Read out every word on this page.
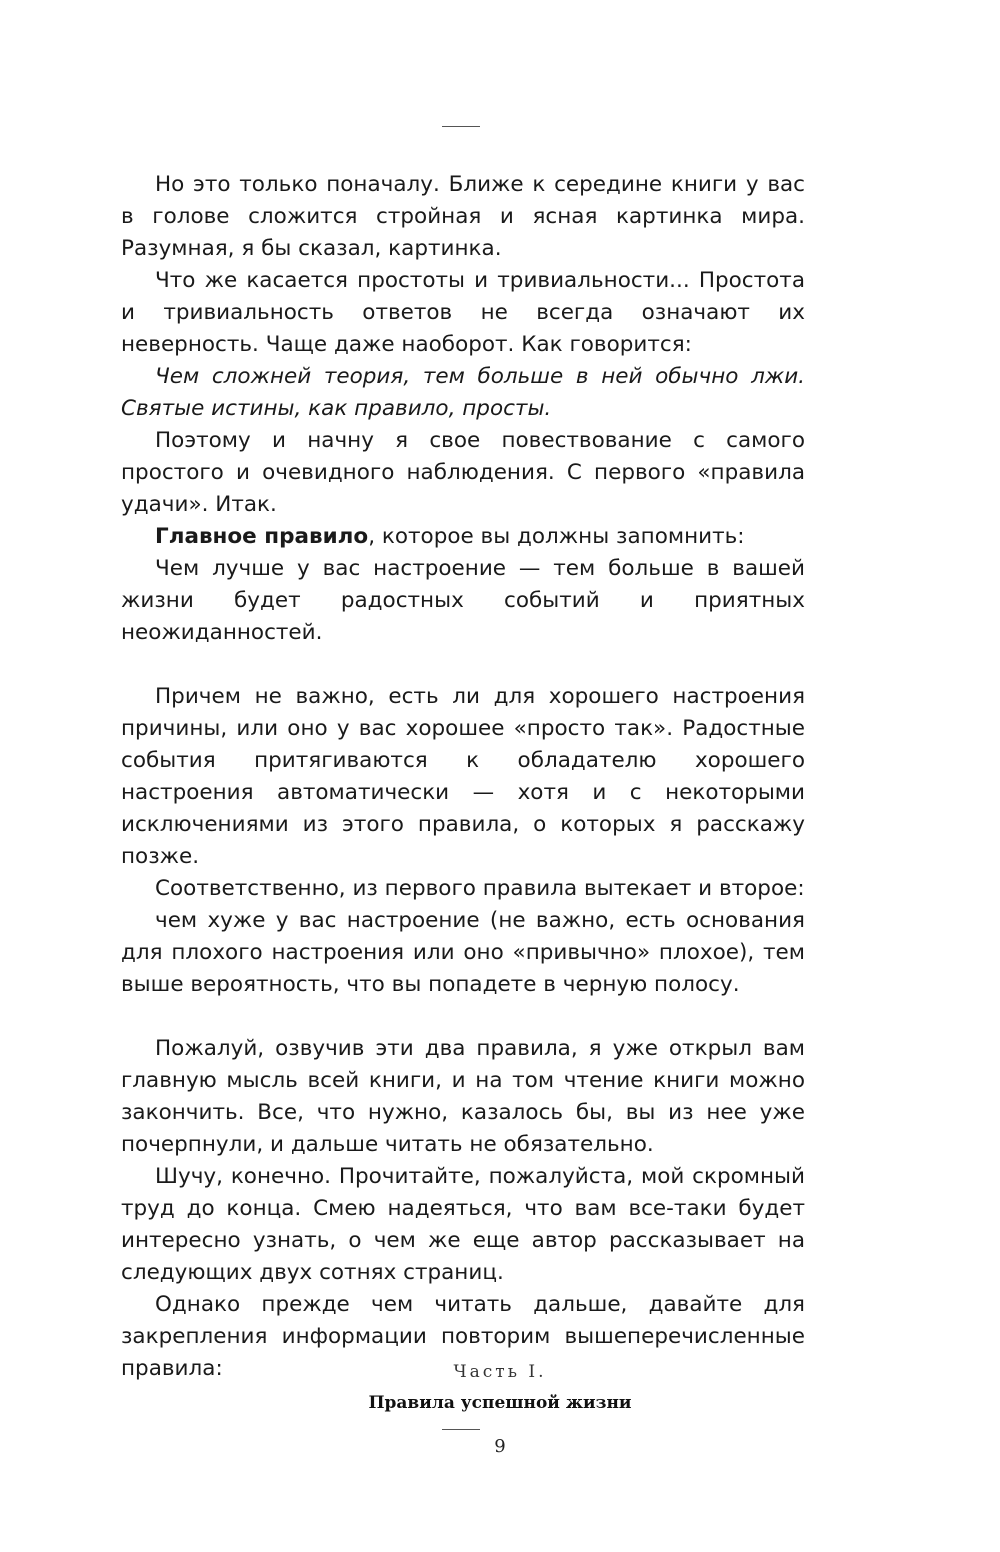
Но это только поначалу. Ближе к середине книги у вас в голове сложится стройная и ясная картинка мира. Разумная, я бы сказал, картинка.

Что же касается простоты и тривиальности... Простота и тривиальность ответов не всегда означают их неверность. Чаще даже наоборот. Как говорится:

Чем сложней теория, тем больше в ней обычно лжи. Святые истины, как правило, просты.

Поэтому и начну я свое повествование с самого простого и очевидного наблюдения. С первого «правила удачи». Итак.

Главное правило, которое вы должны запомнить:

Чем лучше у вас настроение — тем больше в вашей жизни будет радостных событий и приятных неожиданностей.

Причем не важно, есть ли для хорошего настроения причины, или оно у вас хорошее «просто так». Радостные события притягиваются к обладателю хорошего настроения автоматически — хотя и с некоторыми исключениями из этого правила, о которых я расскажу позже.

Соответственно, из первого правила вытекает и второе:

чем хуже у вас настроение (не важно, есть основания для плохого настроения или оно «привычно» плохое), тем выше вероятность, что вы попадете в черную полосу.

Пожалуй, озвучив эти два правила, я уже открыл вам главную мысль всей книги, и на том чтение книги можно закончить. Все, что нужно, казалось бы, вы из нее уже почерпнули, и дальше читать не обязательно.

Шучу, конечно. Прочитайте, пожалуйста, мой скромный труд до конца. Смею надеяться, что вам все-таки будет интересно узнать, о чем же еще автор рассказывает на следующих двух сотнях страниц.

Однако прежде чем читать дальше, давайте для закрепления информации повторим вышеперечисленные правила:	Часть I.
Правила успешной жизни
9
